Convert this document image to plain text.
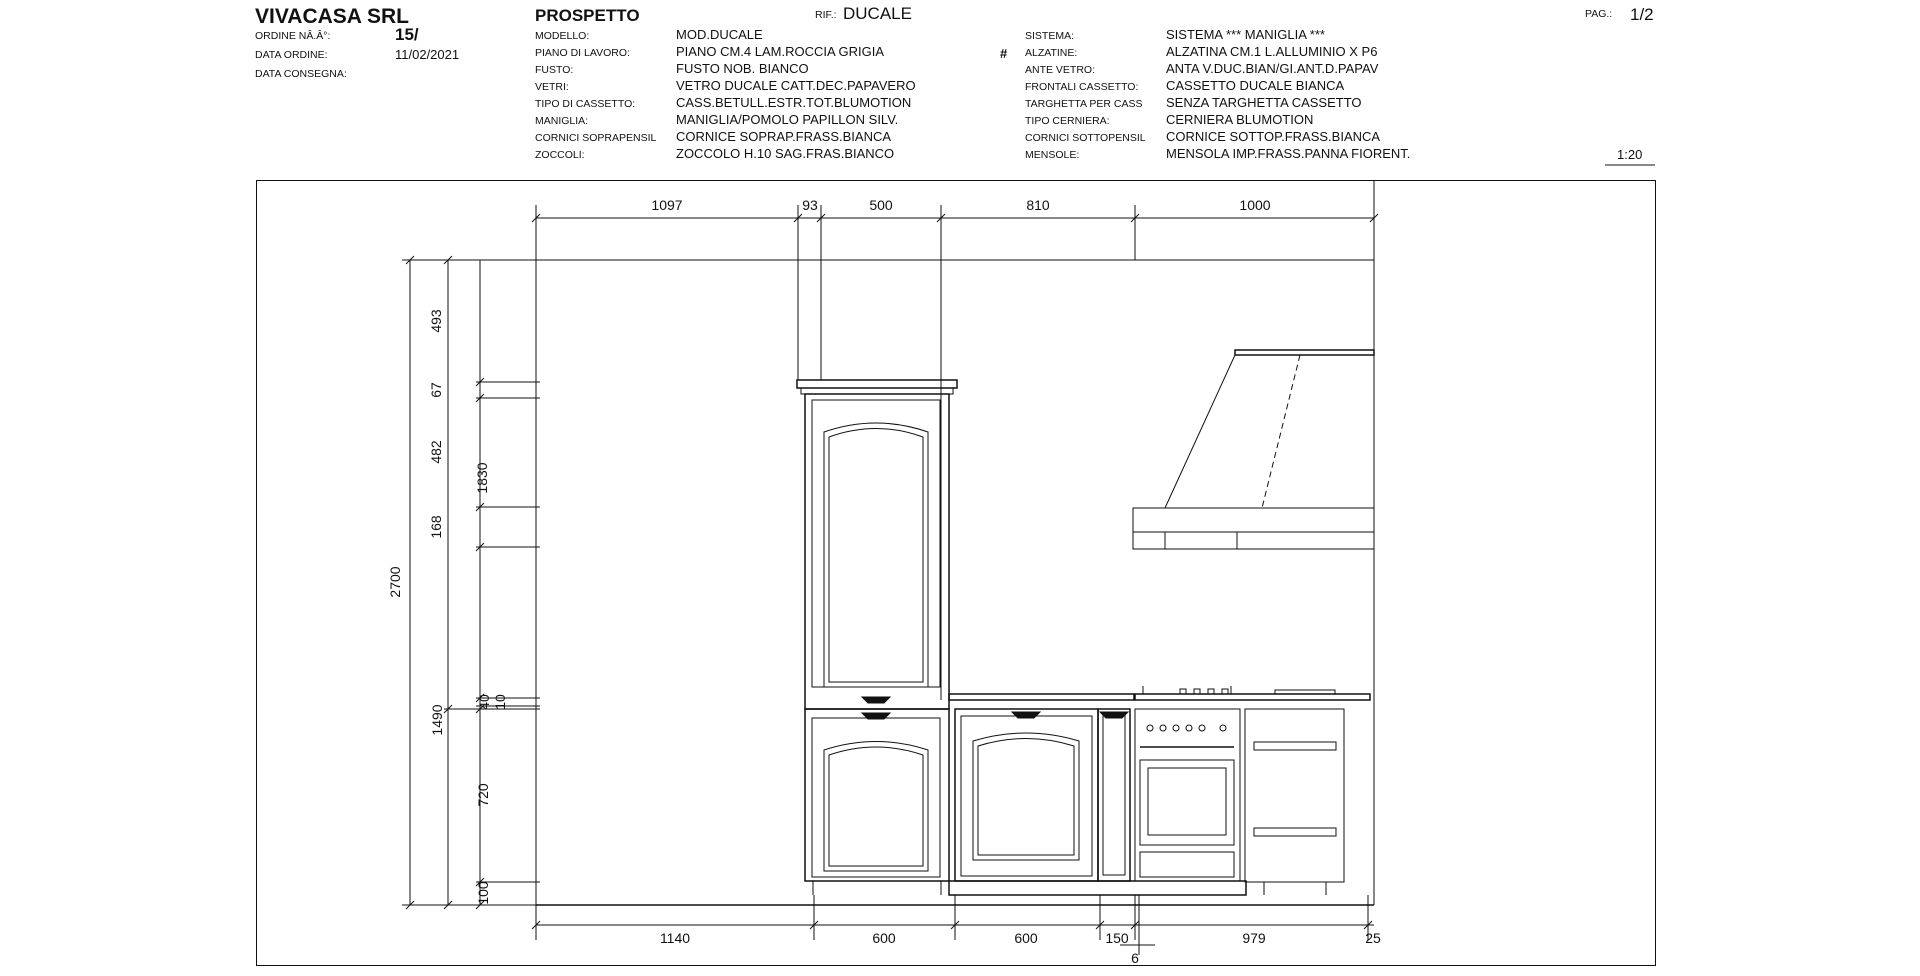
VIVACASA SRL
ORDINE NÂ.Â°:	15/
DATA ORDINE:	11/02/2021
DATA CONSEGNA:
PROSPETTO	RIF.: DUCALE	PAG.: 1/2
1:20
#
MODELLO:	MOD.DUCALE
PIANO DI LAVORO:	PIANO CM.4 LAM.ROCCIA GRIGIA
FUSTO:	FUSTO NOB. BIANCO
VETRI:	VETRO DUCALE CATT.DEC.PAPAVERO
TIPO DI CASSETTO:	CASS.BETULL.ESTR.TOT.BLUMOTION
MANIGLIA:	MANIGLIA/POMOLO PAPILLON SILV.
CORNICI SOPRAPENSIL CORNICE SOPRAP.FRASS.BIANCA
ZOCCOLI:	ZOCCOLO H.10 SAG.FRAS.BIANCO
SISTEMA:	SISTEMA *** MANIGLIA ***
ALZATINE:	ALZATINA CM.1 L.ALLUMINIO X P6
ANTE VETRO:	ANTA V.DUC.BIAN/GI.ANT.D.PAPAV
FRONTALI CASSETTO: CASSETTO DUCALE BIANCA
TARGHETTA PER CASS SENZA TARGHETTA CASSETTO
TIPO CERNIERA:	CERNIERA BLUMOTION
CORNICI SOTTOPENSIL CORNICE SOTTOP.FRASS.BIANCA
MENSOLE:	MENSOLA IMP.FRASS.PANNA FIORENT.
1097	93	500	810	1000
1140	600	600	150	979	25
6
2700
1830
1490
493
67
482
168
40 10
720
100
